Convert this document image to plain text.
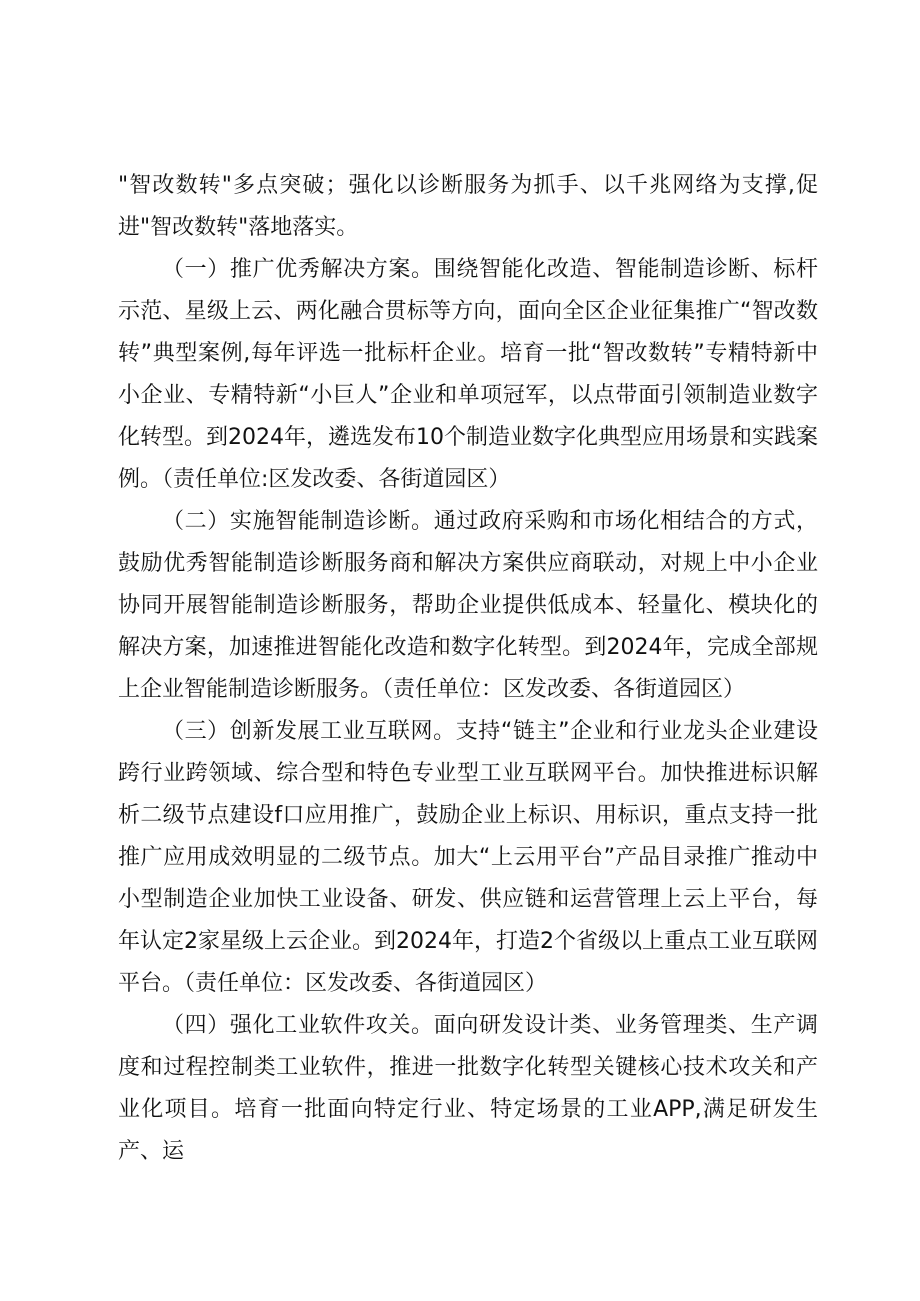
"智改数转"多点突破；强化以诊断服务为抓手、以千兆网络为支撑,促进"智改数转"落地落实。

（一）推广优秀解决方案。围绕智能化改造、智能制造诊断、标杆示范、星级上云、两化融合贯标等方向，面向全区企业征集推广“智改数转”典型案例,每年评选一批标杆企业。培育一批“智改数转”专精特新中小企业、专精特新“小巨人”企业和单项冠军，以点带面引领制造业数字化转型。到2024年，遴选发布10个制造业数字化典型应用场景和实践案例。（责任单位:区发改委、各街道园区）

（二）实施智能制造诊断。通过政府采购和市场化相结合的方式，鼓励优秀智能制造诊断服务商和解决方案供应商联动，对规上中小企业协同开展智能制造诊断服务，帮助企业提供低成本、轻量化、模块化的解决方案，加速推进智能化改造和数字化转型。到2024年，完成全部规上企业智能制造诊断服务。（责任单位：区发改委、各街道园区）

（三）创新发展工业互联网。支持“链主”企业和行业龙头企业建设跨行业跨领域、综合型和特色专业型工业互联网平台。加快推进标识解析二级节点建设f口应用推广，鼓励企业上标识、用标识，重点支持一批推广应用成效明显的二级节点。加大“上云用平台”产品目录推广推动中小型制造企业加快工业设备、研发、供应链和运营管理上云上平台，每年认定2家星级上云企业。到2024年，打造2个省级以上重点工业互联网平台。（责任单位：区发改委、各街道园区）

（四）强化工业软件攻关。面向研发设计类、业务管理类、生产调度和过程控制类工业软件，推进一批数字化转型关键核心技术攻关和产业化项目。培育一批面向特定行业、特定场景的工业APP,满足研发生产、运
